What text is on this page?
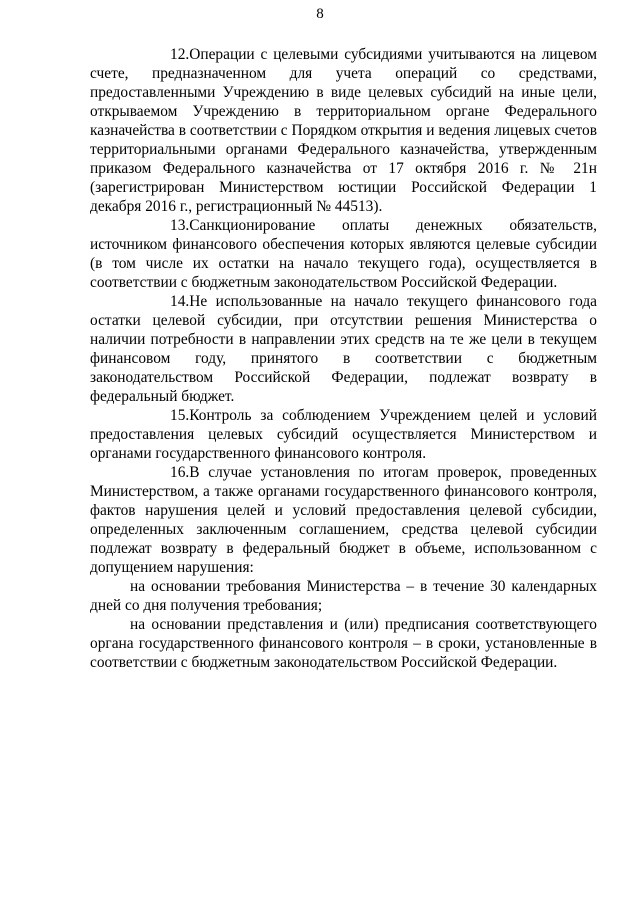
8

12.Операции с целевыми субсидиями учитываются на лицевом счете, предназначенном для учета операций со средствами, предоставленными Учреждению в виде целевых субсидий на иные цели, открываемом Учреждению в территориальном органе Федерального казначейства в соответствии с Порядком открытия и ведения лицевых счетов территориальными органами Федерального казначейства, утвержденным приказом Федерального казначейства от 17 октября 2016 г. № 21н (зарегистрирован Министерством юстиции Российской Федерации 1 декабря 2016 г., регистрационный № 44513).

13.Санкционирование оплаты денежных обязательств, источником финансового обеспечения которых являются целевые субсидии (в том числе их остатки на начало текущего года), осуществляется в соответствии с бюджетным законодательством Российской Федерации.

14.Не использованные на начало текущего финансового года остатки целевой субсидии, при отсутствии решения Министерства о наличии потребности в направлении этих средств на те же цели в текущем финансовом году, принятого в соответствии с бюджетным законодательством Российской Федерации, подлежат возврату в федеральный бюджет.

15.Контроль за соблюдением Учреждением целей и условий предоставления целевых субсидий осуществляется Министерством и органами государственного финансового контроля.

16.В случае установления по итогам проверок, проведенных Министерством, а также органами государственного финансового контроля, фактов нарушения целей и условий предоставления целевой субсидии, определенных заключенным соглашением, средства целевой субсидии подлежат возврату в федеральный бюджет в объеме, использованном с допущением нарушения:

на основании требования Министерства – в течение 30 календарных дней со дня получения требования;

на основании представления и (или) предписания соответствующего органа государственного финансового контроля – в сроки, установленные в соответствии с бюджетным законодательством Российской Федерации.
